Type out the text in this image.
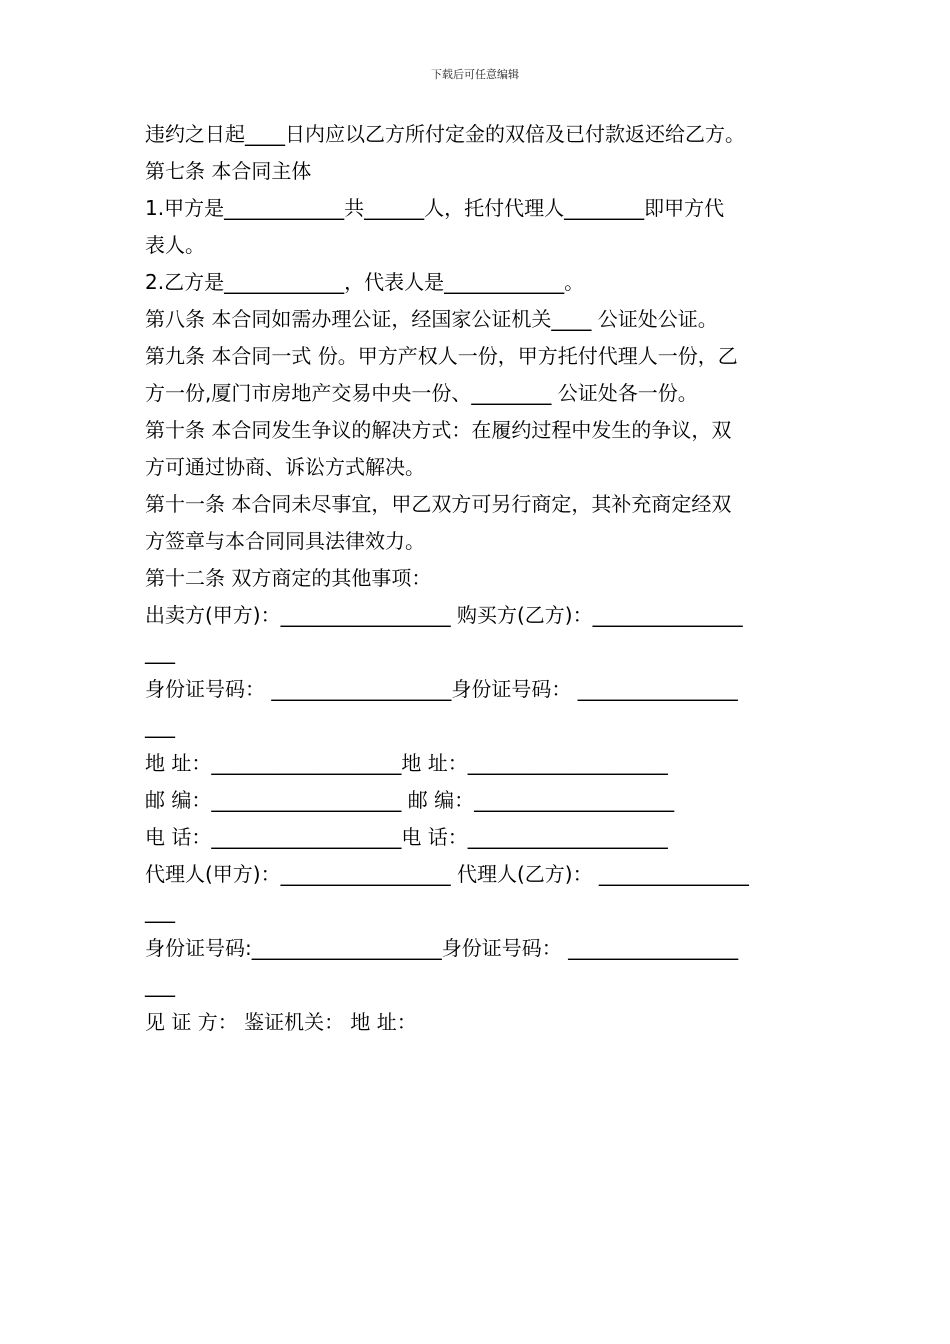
下载后可任意编辑
违约之日起____日内应以乙方所付定金的双倍及已付款返还给乙方。
第七条 本合同主体
1.甲方是____________共______人，托付代理人________即甲方代
表人。
2.乙方是____________，代表人是____________。
第八条 本合同如需办理公证，经国家公证机关____ 公证处公证。
第九条 本合同一式 份。甲方产权人一份，甲方托付代理人一份，乙
方一份,厦门市房地产交易中央一份、________ 公证处各一份。
第十条 本合同发生争议的解决方式：在履约过程中发生的争议，双
方可通过协商、诉讼方式解决。
第十一条 本合同未尽事宜，甲乙双方可另行商定，其补充商定经双
方签章与本合同同具法律效力。
第十二条 双方商定的其他事项：
出卖方(甲方)：_________________ 购买方(乙方)：_______________
___
身份证号码： __________________身份证号码： ________________
___
地 址：___________________地 址：____________________
邮 编：___________________ 邮 编：____________________
电 话：___________________电 话：____________________
代理人(甲方)：_________________ 代理人(乙方)： _______________
___
身份证号码:___________________身份证号码： _________________
___
见 证 方： 鉴证机关： 地 址：
